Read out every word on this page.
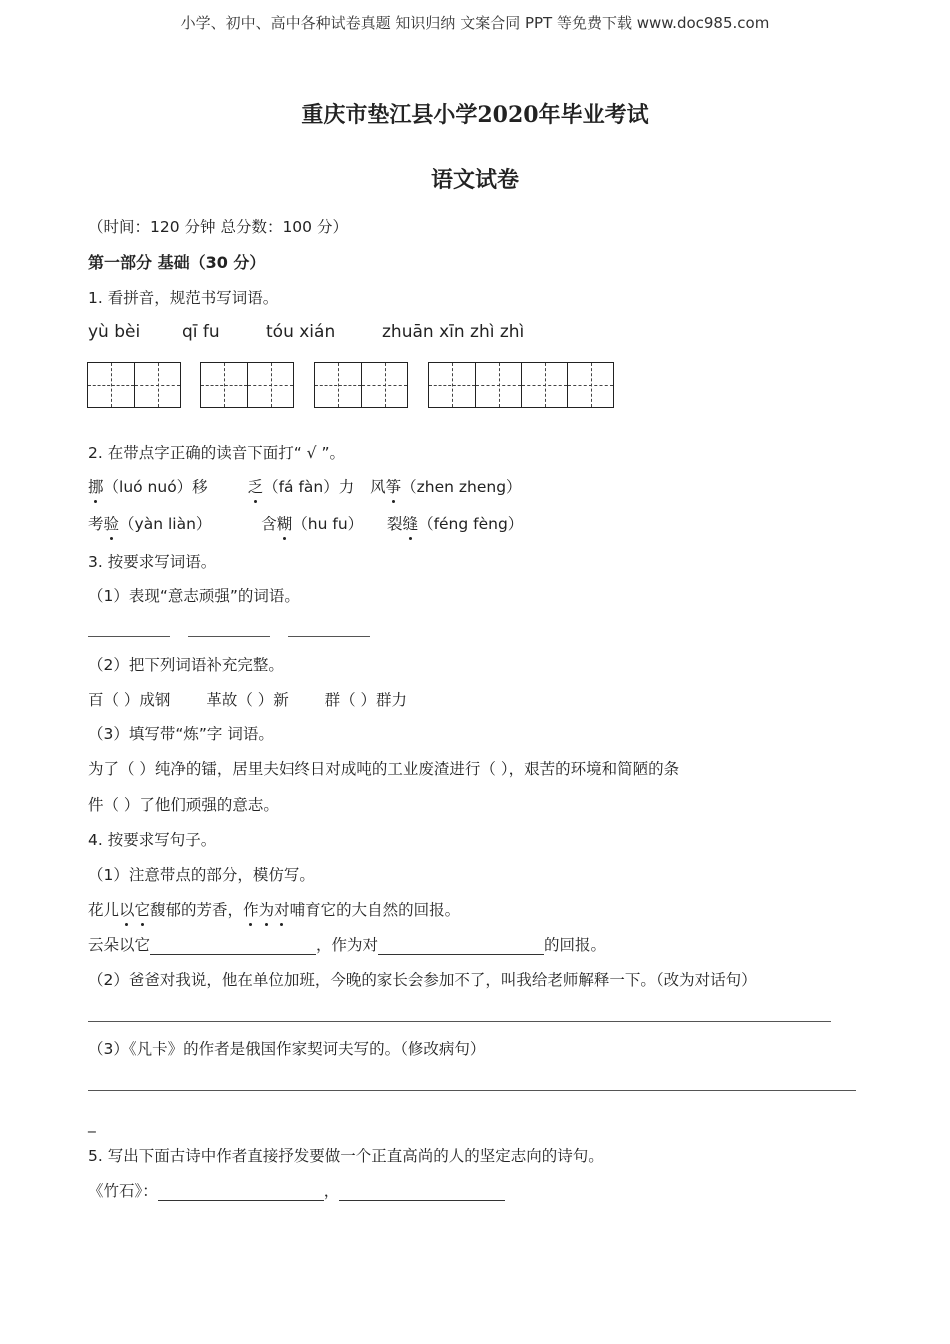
小学、初中、高中各种试卷真题 知识归纳 文案合同 PPT 等免费下载 www.doc985.com
重庆市垫江县小学2020年毕业考试
语文试卷
（时间：120 分钟 总分数：100 分）
第一部分 基础（30 分）
1. 看拼音，规范书写词语。
yù bèi qī fu	tóu xián	zhuān xīn zhì zhì
2. 在带点字正确的读音下面打“ √ ”。
挪（luó nuó）移	乏（fá fàn）力 风筝（zhen zheng）
考验（yàn liàn）	含糊（hu fu） 裂缝（féng fèng）
3. 按要求写词语。
（1）表现“意志顽强”的词语。
（2）把下列词语补充完整。
百（ ）成钢 革故（ ）新 群（ ）群力
（3）填写带“炼”字 词语。
为了（ ）纯净的镭，居里夫妇终日对成吨的工业废渣进行（ ），艰苦的环境和简陋的条
件（ ）了他们顽强的意志。
4. 按要求写句子。
（1）注意带点的部分，模仿写。
花儿以它馥郁的芳香，作为对哺育它的大自然的回报。
云朵以它	，作为对	的回报。
（2）爸爸对我说，他在单位加班，今晚的家长会参加不了，叫我给老师解释一下。（改为对话句）
（3）《凡卡》的作者是俄国作家契诃夫写的。（修改病句）
_
5. 写出下面古诗中作者直接抒发要做一个正直高尚的人的坚定志向的诗句。
《竹石》：	，
